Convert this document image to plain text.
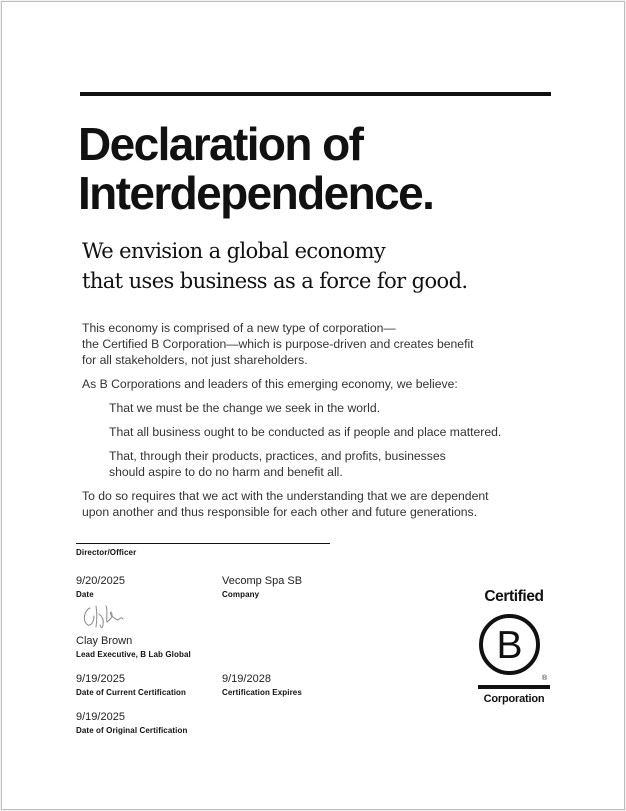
Declaration of
Interdependence.
We envision a global economy
that uses business as a force for good.

This economy is comprised of a new type of corporation—
the Certified B Corporation—which is purpose-driven and creates benefit
for all stakeholders, not just shareholders.

As B Corporations and leaders of this emerging economy, we believe:

That we must be the change we seek in the world.

That all business ought to be conducted as if people and place mattered.

That, through their products, practices, and profits, businesses
should aspire to do no harm and benefit all.

To do so requires that we act with the understanding that we are dependent
upon another and thus responsible for each other and future generations.

Director/Officer
9/20/2025
Date
Vecomp Spa SB
Company
Clay Brown
Lead Executive, B Lab Global
9/19/2025
Date of Current Certification
9/19/2028
Certification Expires
9/19/2025
Date of Original Certification
Certified
B
®
Corporation
